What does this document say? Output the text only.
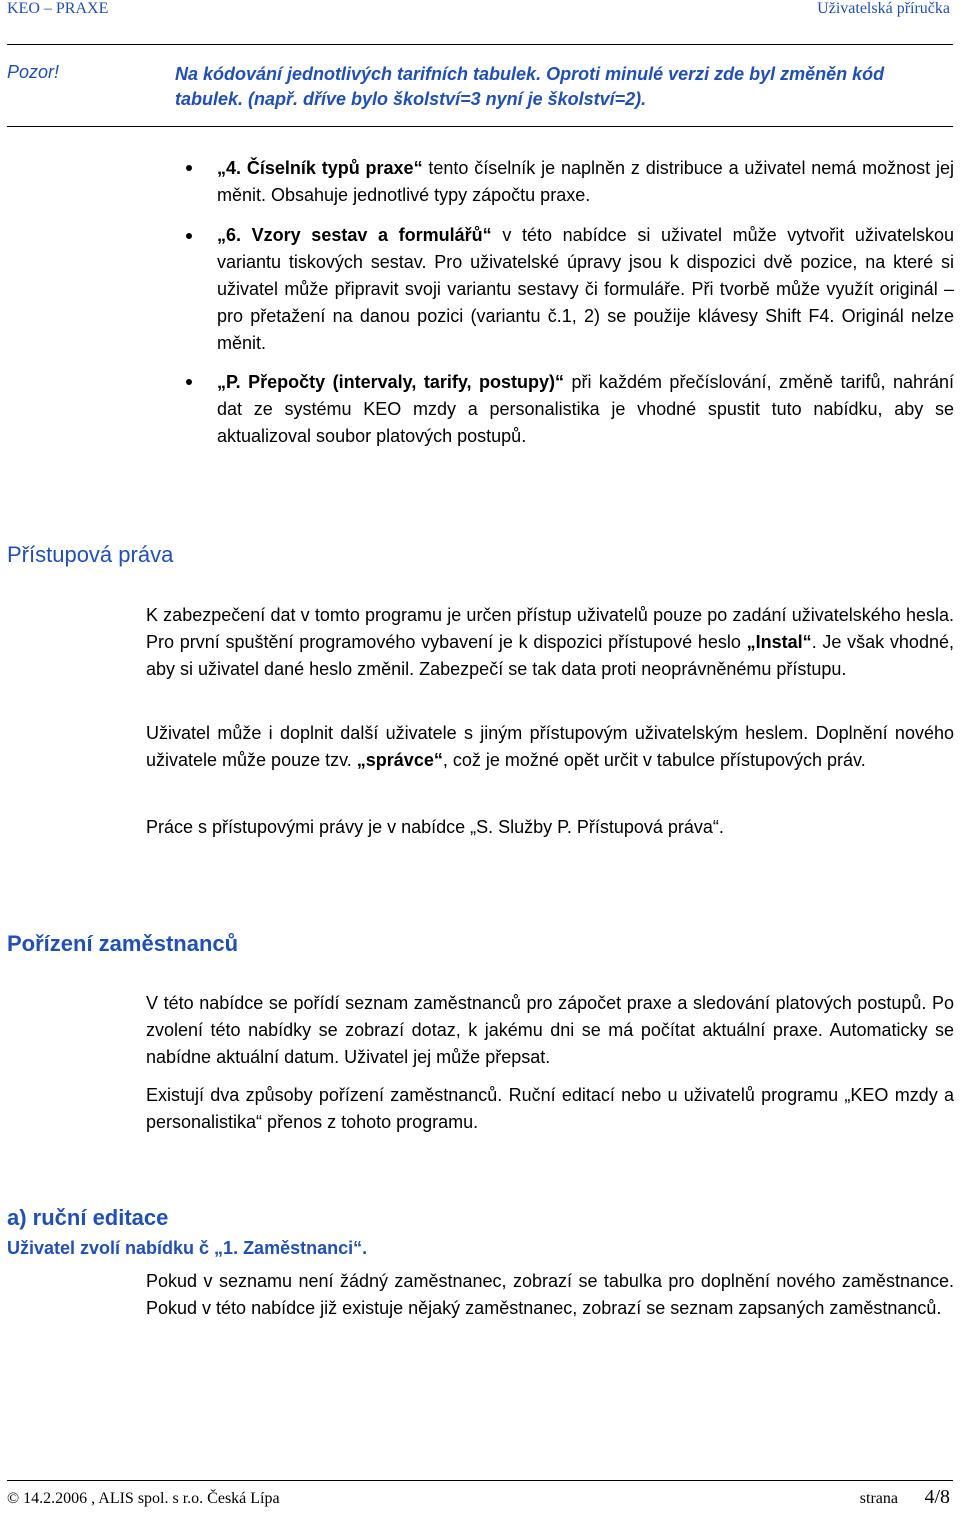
KEO – PRAXE	Uživatelská příručka
Pozor!	Na kódování jednotlivých tarifních tabulek. Oproti minulé verzi zde byl změněn kód tabulek. (např. dříve bylo školství=3 nyní je školství=2).
„4. Číselník typů praxe“ tento číselník je naplněn z distribuce a uživatel nemá možnost jej měnit. Obsahuje jednotlivé typy zápočtu praxe.
„6. Vzory sestav a formulářů“ v této nabídce si uživatel může vytvořit uživatelskou variantu tiskových sestav. Pro uživatelské úpravy jsou k dispozici dvě pozice, na které si uživatel může připravit svoji variantu sestavy či formuláře. Při tvorbě může využít originál – pro přetažení na danou pozici (variantu č.1, 2) se použije klávesy Shift F4. Originál nelze měnit.
„P. Přepočty (intervaly, tarify, postupy)“ při každém přečíslování, změně tarifů, nahrání dat ze systému KEO mzdy a personalistika je vhodné spustit tuto nabídku, aby se aktualizoval soubor platových postupů.
Přístupová práva
K zabezpečení dat v tomto programu je určen přístup uživatelů pouze po zadání uživatelského hesla. Pro první spuštění programového vybavení je k dispozici přístupové heslo „Instal“. Je však vhodné, aby si uživatel dané heslo změnil. Zabezpečí se tak data proti neoprávněnému přístupu.
Uživatel může i doplnit další uživatele s jiným přístupovým uživatelským heslem. Doplnění nového uživatele může pouze tzv. „správce“, což je možné opět určit v tabulce přístupových práv.
Práce s přístupovými právy je v nabídce „S. Služby P. Přístupová práva“.
Pořízení zaměstnanců
V této nabídce se pořídí seznam zaměstnanců pro zápočet praxe a sledování platových postupů. Po zvolení této nabídky se zobrazí dotaz, k jakému dni se má počítat aktuální praxe. Automaticky se nabídne aktuální datum. Uživatel jej může přepsat.
Existují dva způsoby pořízení zaměstnanců. Ruční editací nebo u uživatelů programu „KEO mzdy a personalistika“ přenos z tohoto programu.
a) ruční editace
Uživatel zvolí nabídku č „1. Zaměstnanci“.
Pokud v seznamu není žádný zaměstnanec, zobrazí se tabulka pro doplnění nového zaměstnance. Pokud v této nabídce již existuje nějaký zaměstnanec, zobrazí se seznam zapsaných zaměstnanců.
© 14.2.2006 , ALIS spol. s r.o. Česká Lípa	strana 4/8
